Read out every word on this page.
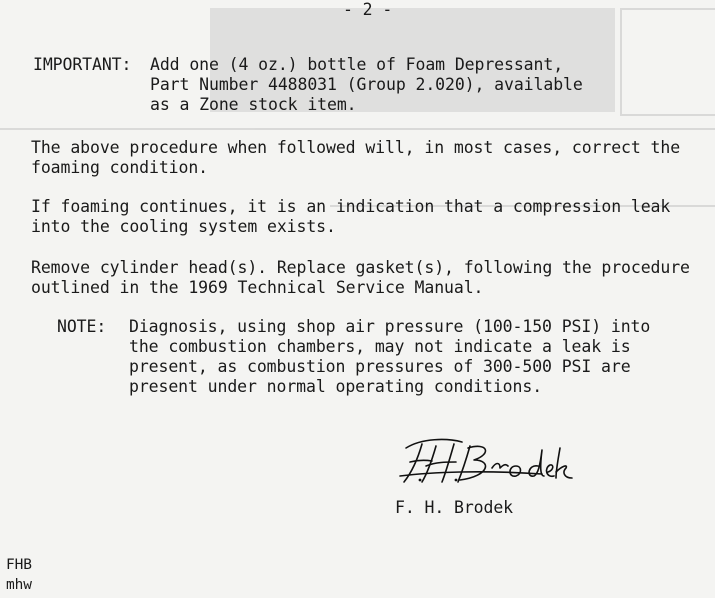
- 2 -
IMPORTANT: Add one (4 oz.) bottle of Foam Depressant,
Part Number 4488031 (Group 2.020), available
as a Zone stock item.
The above procedure when followed will, in most cases, correct the
foaming condition.
If foaming continues, it is an indication that a compression leak
into the cooling system exists.
Remove cylinder head(s). Replace gasket(s), following the procedure
outlined in the 1969 Technical Service Manual.
NOTE: Diagnosis, using shop air pressure (100-150 PSI) into
the combustion chambers, may not indicate a leak is
present, as combustion pressures of 300-500 PSI are
present under normal operating conditions.
F. H. Brodek
FHB
mhw
